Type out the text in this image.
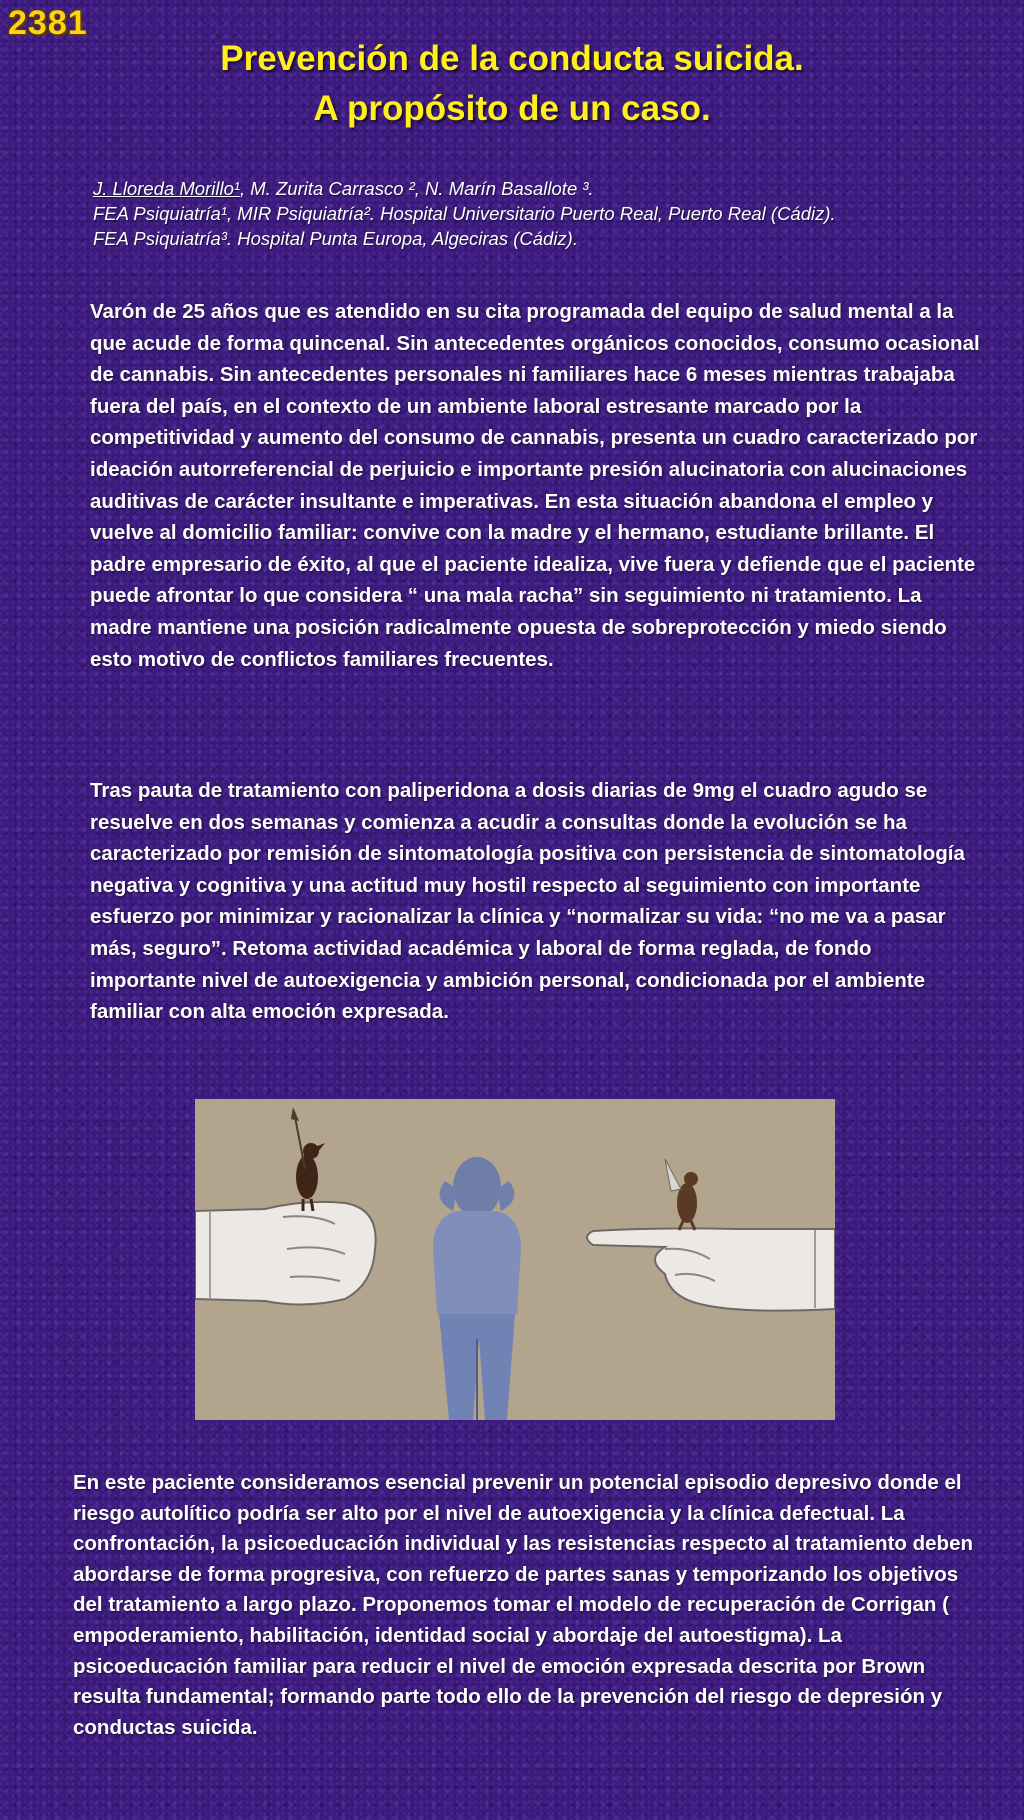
2381
Prevención de la conducta suicida.
A propósito de un caso.
J. Lloreda Morillo¹, M. Zurita Carrasco ², N. Marín Basallote ³.
FEA Psiquiatría¹, MIR Psiquiatría². Hospital Universitario Puerto Real, Puerto Real (Cádiz).
FEA Psiquiatría³. Hospital Punta Europa, Algeciras (Cádiz).

Varón de 25 años que es atendido en su cita programada del equipo de salud mental a la que acude de forma quincenal. Sin antecedentes orgánicos conocidos, consumo ocasional de cannabis. Sin antecedentes personales ni familiares hace 6 meses mientras trabajaba fuera del país, en el contexto de un ambiente laboral estresante marcado por la competitividad y aumento del consumo de cannabis, presenta un cuadro caracterizado por ideación autorreferencial de perjuicio e importante presión alucinatoria con alucinaciones auditivas de carácter insultante e imperativas. En esta situación abandona el empleo y vuelve al domicilio familiar: convive con la madre y el hermano, estudiante brillante. El padre empresario de éxito, al que el paciente idealiza, vive fuera y defiende que el paciente puede afrontar lo que considera “ una mala racha” sin seguimiento ni tratamiento. La madre mantiene una posición radicalmente opuesta de sobreprotección y miedo siendo esto motivo de conflictos familiares frecuentes.

Tras pauta de tratamiento con paliperidona a dosis diarias de 9mg el cuadro agudo se resuelve en dos semanas y comienza a acudir a consultas donde la evolución se ha caracterizado por remisión de sintomatología positiva con persistencia de sintomatología negativa y cognitiva y una actitud muy hostil respecto al seguimiento con importante esfuerzo por minimizar y racionalizar la clínica y “normalizar su vida: “no me va a pasar más, seguro”. Retoma actividad académica y laboral de forma reglada, de fondo importante nivel de autoexigencia y ambición personal, condicionada por el ambiente familiar con alta emoción expresada.

En este paciente consideramos esencial prevenir un potencial episodio depresivo donde el riesgo autolítico podría ser alto por el nivel de autoexigencia y la clínica defectual. La confrontación, la psicoeducación individual y las resistencias respecto al tratamiento deben abordarse de forma progresiva, con refuerzo de partes sanas y temporizando los objetivos del tratamiento a largo plazo. Proponemos tomar el modelo de recuperación de Corrigan ( empoderamiento, habilitación, identidad social y abordaje del autoestigma). La psicoeducación familiar para reducir el nivel de emoción expresada descrita por Brown resulta fundamental; formando parte todo ello de la prevención del riesgo de depresión y conductas suicida.
